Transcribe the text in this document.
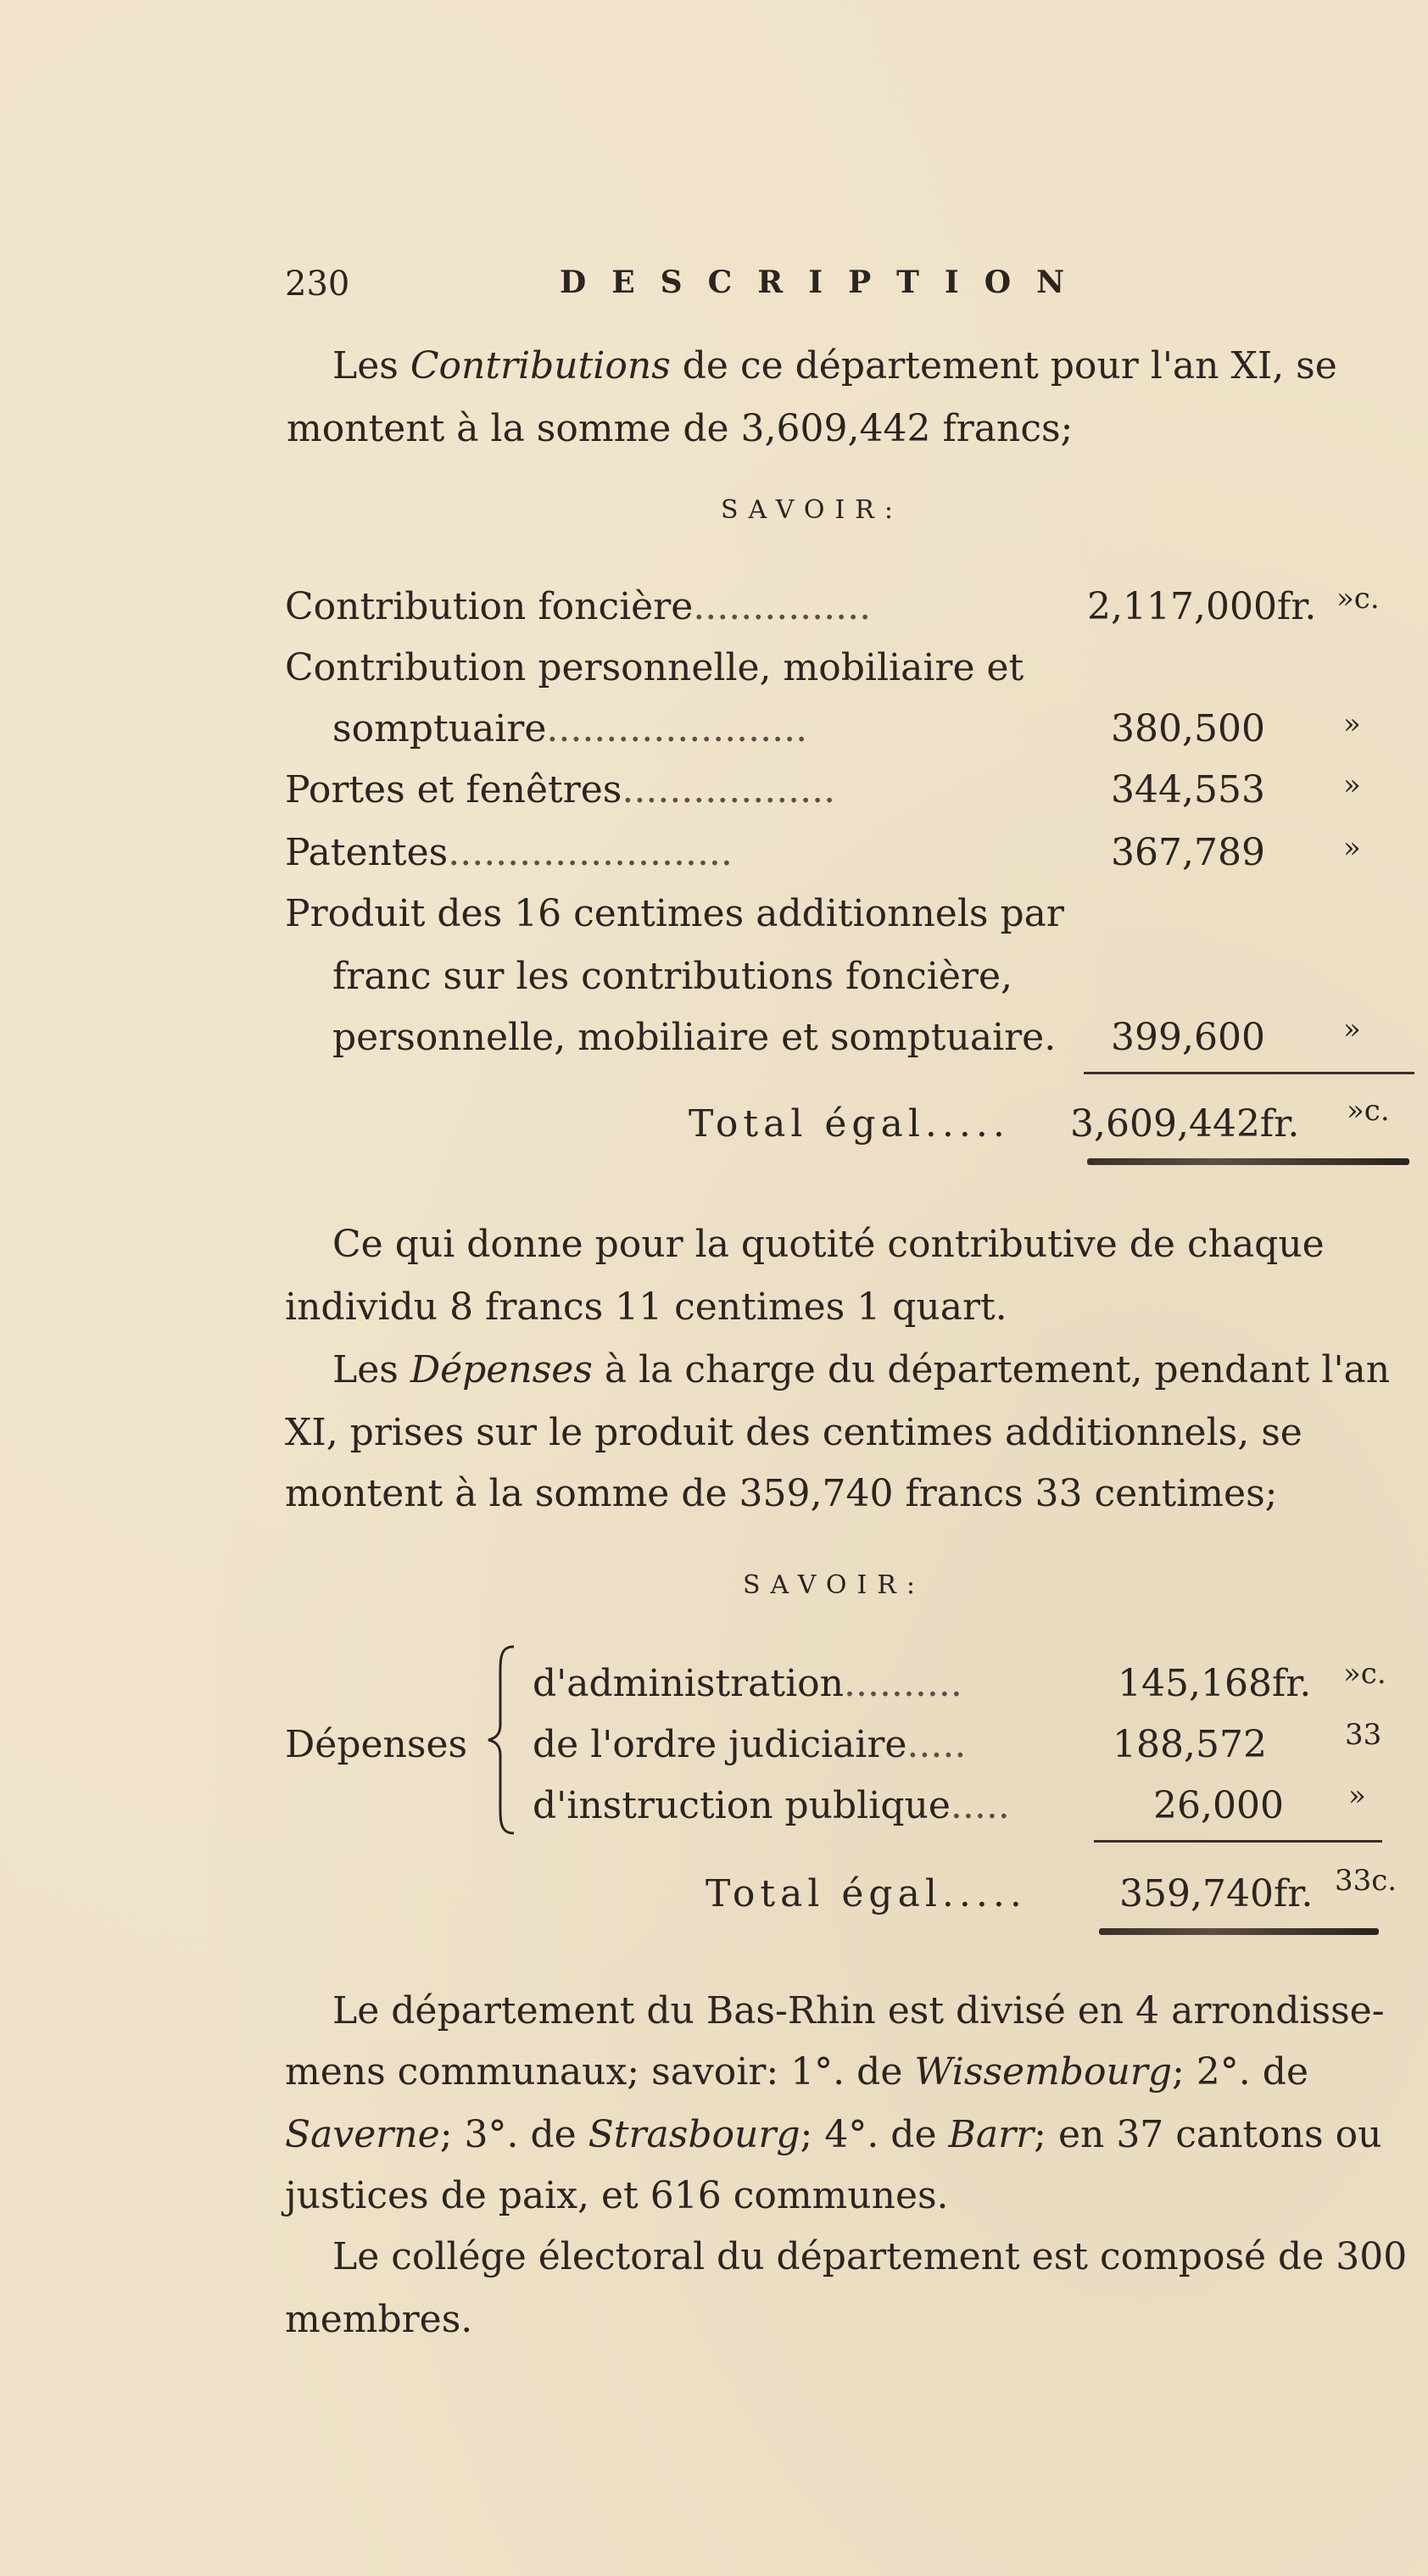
230	DESCRIPTION
Les Contributions de ce département pour l'an XI, se
montent à la somme de 3,609,442 francs;
SAVOIR:
Contribution foncière...............	2,117,000fr. »c.
Contribution personnelle, mobiliaire et
somptuaire......................	380,500	»
Portes et fenêtres..................	344,553	»
Patentes........................	367,789	»
Produit des 16 centimes additionnels par
franc sur les contributions foncière,
personnelle, mobiliaire et somptuaire. 399,600	»
Total égal..... 3,609,442fr. »c.
Ce qui donne pour la quotité contributive de chaque
individu 8 francs 11 centimes 1 quart.
Les Dépenses à la charge du département, pendant l'an
XI, prises sur le produit des centimes additionnels, se
montent à la somme de 359,740 francs 33 centimes;
SAVOIR:
Dépenses
d'administration..........	145,168fr. »c.
de l'ordre judiciaire.....	188,572	33
d'instruction publique.....	26,000 »
Total égal..... 359,740fr. 33c.
Le département du Bas-Rhin est divisé en 4 arrondisse-
mens communaux; savoir: 1°. de Wissembourg; 2°. de
Saverne; 3°. de Strasbourg; 4°. de Barr; en 37 cantons ou
justices de paix, et 616 communes.
Le collége électoral du département est composé de 300
membres.
